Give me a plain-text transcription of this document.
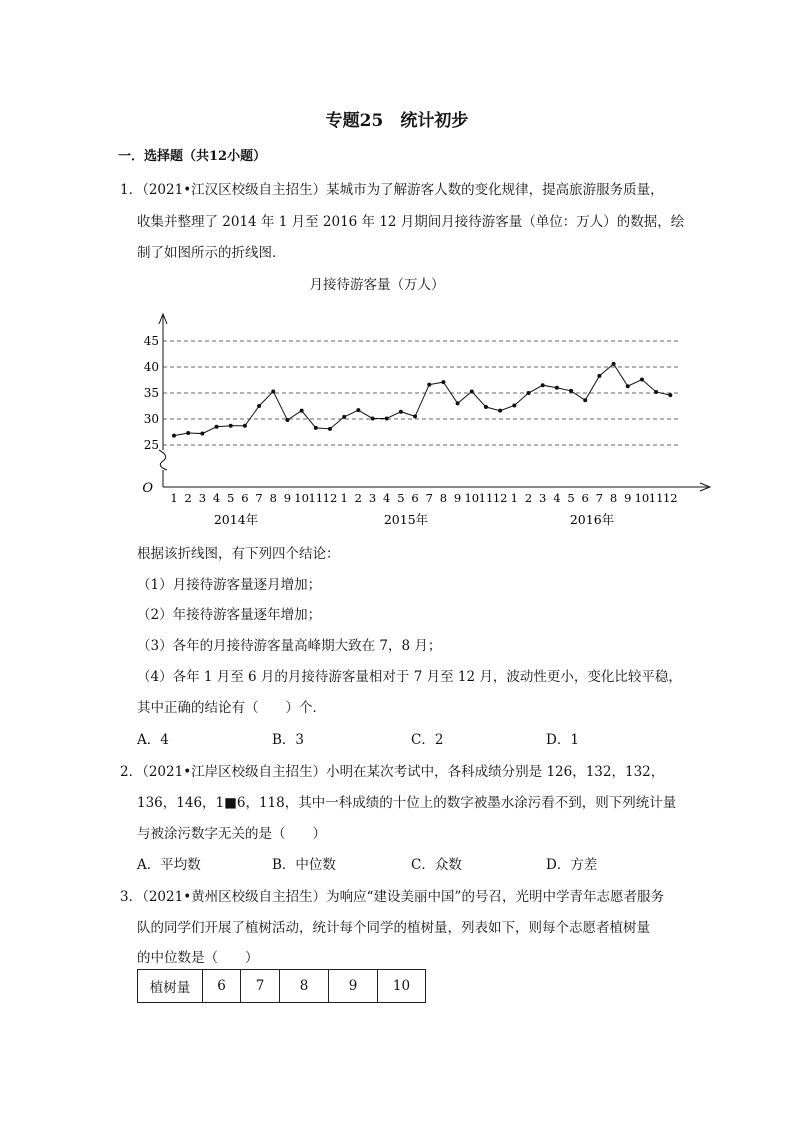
专题25　统计初步
一．选择题（共12小题）
1．（2021•江汉区校级自主招生）某城市为了解游客人数的变化规律，提高旅游服务质量，
收集并整理了 2014 年 1 月至 2016 年 12 月期间月接待游客量（单位：万人）的数据，绘
制了如图所示的折线图．
月接待游客量（万人）
25
30
35
40
45
O
1 2 3 4 5 6 7 8 9 10 11 12 1 2 3 4 5 6 7 8 9 10 11 12 1 2 3 4 5 6 7 8 9 10 11 12
2014年	2015年	2016年
根据该折线图，有下列四个结论：
（1）月接待游客量逐月增加；
（2）年接待游客量逐年增加；
（3）各年的月接待游客量高峰期大致在 7，8 月；
（4）各年 1 月至 6 月的月接待游客量相对于 7 月至 12 月，波动性更小，变化比较平稳，
其中正确的结论有（　　）个．
A．4	B．3	C．2	D．1
2．（2021•江岸区校级自主招生）小明在某次考试中，各科成绩分别是 126，132，132，
136，146，1■6，118，其中一科成绩的十位上的数字被墨水涂污看不到，则下列统计量
与被涂污数字无关的是（　　）
A．平均数	B．中位数	C．众数	D．方差
3．（2021•黄州区校级自主招生）为响应“建设美丽中国”的号召，光明中学青年志愿者服务
队的同学们开展了植树活动，统计每个同学的植树量，列表如下，则每个志愿者植树量
的中位数是（　　）
植树量	6	7	8	9	10
